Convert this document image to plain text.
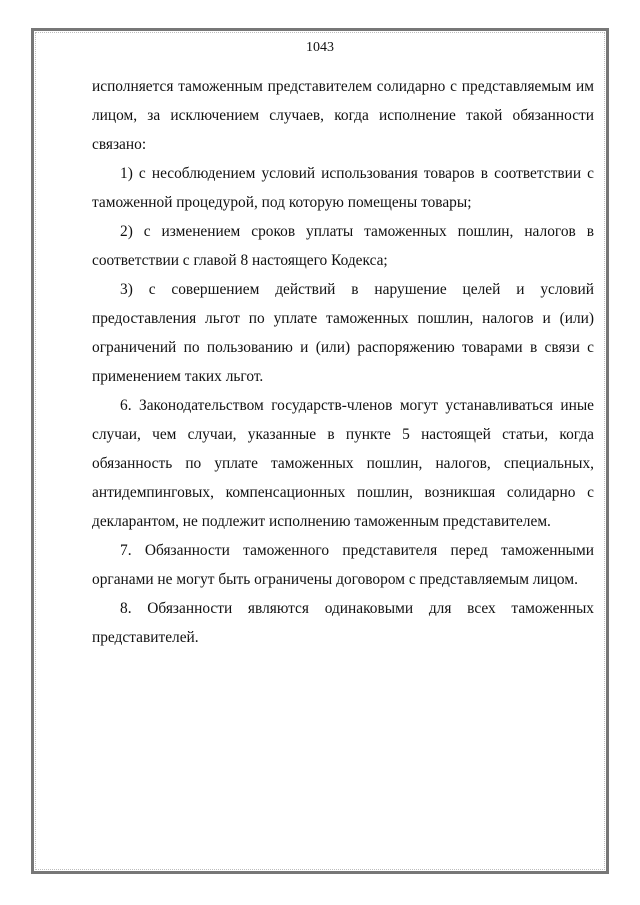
1043

исполняется таможенным представителем солидарно с представляемым им лицом, за исключением случаев, когда исполнение такой обязанности связано:

1) с несоблюдением условий использования товаров в соответствии с таможенной процедурой, под которую помещены товары;

2) с изменением сроков уплаты таможенных пошлин, налогов в соответствии с главой 8 настоящего Кодекса;

3) с совершением действий в нарушение целей и условий предоставления льгот по уплате таможенных пошлин, налогов и (или) ограничений по пользованию и (или) распоряжению товарами в связи с применением таких льгот.

6. Законодательством государств-членов могут устанавливаться иные случаи, чем случаи, указанные в пункте 5 настоящей статьи, когда обязанность по уплате таможенных пошлин, налогов, специальных, антидемпинговых, компенсационных пошлин, возникшая солидарно с декларантом, не подлежит исполнению таможенным представителем.

7. Обязанности таможенного представителя перед таможенными органами не могут быть ограничены договором с представляемым лицом.

8. Обязанности являются одинаковыми для всех таможенных представителей.
